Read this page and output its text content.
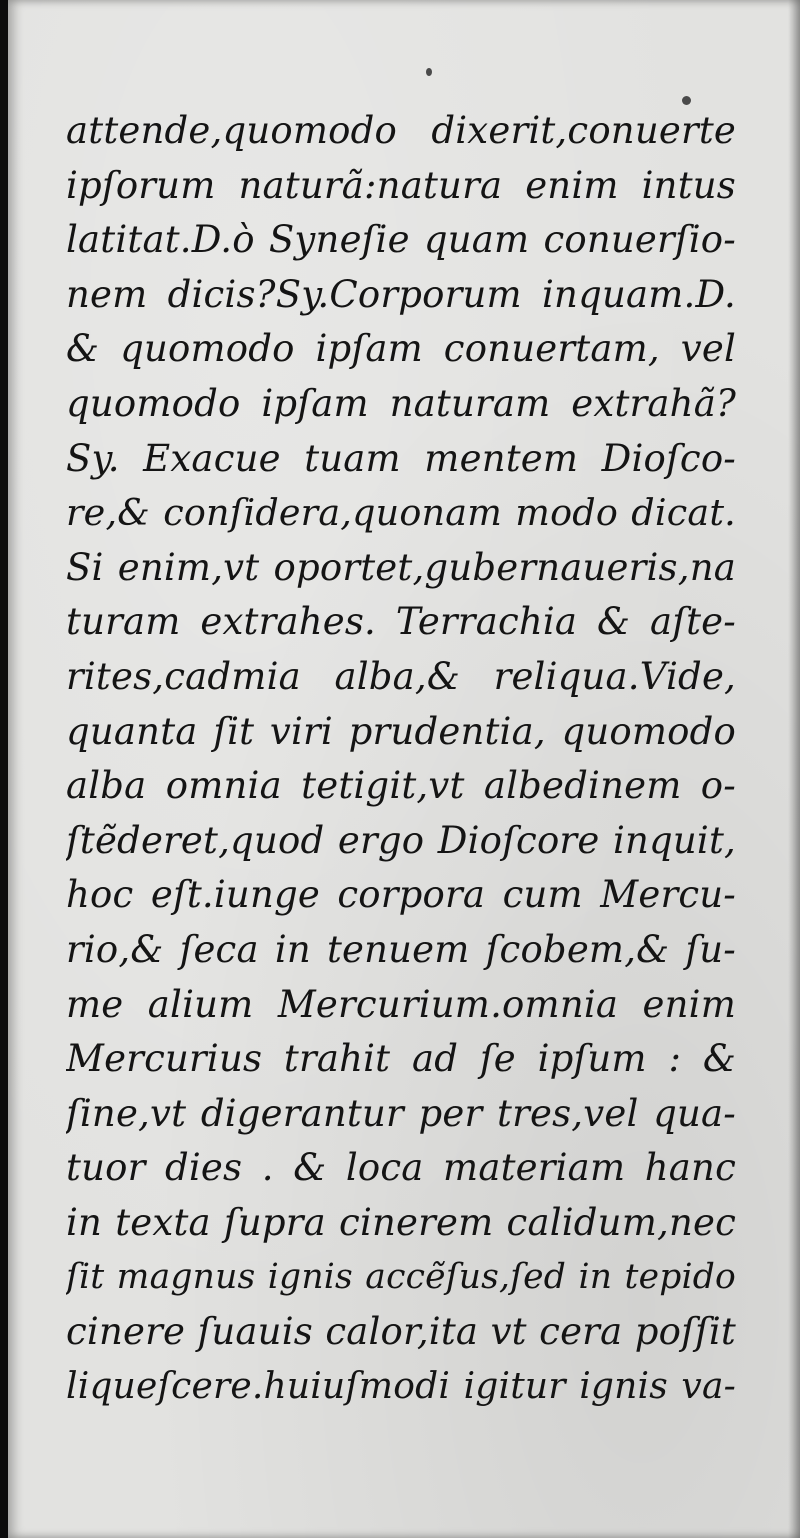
attende,quomodo dixerit,conuerte
ipſorum naturã:natura enim intus
latitat.D.ò Syneſie quam conuerſio-
nem dicis?Sy.Corporum inquam.D.
& quomodo ipſam conuertam, vel
quomodo ipſam naturam extrahã?
Sy. Exacue tuam mentem Dioſco-
re,& conſidera,quonam modo dicat.
Si enim,vt oportet,gubernaueris,na
turam extrahes. Terrachia & aſte-
rites,cadmia alba,& reliqua.Vide,
quanta ſit viri prudentia, quomodo
alba omnia tetigit,vt albedinem o-
ſtẽderet,quod ergo Dioſcore inquit,
hoc eſt.iunge corpora cum Mercu-
rio,& ſeca in tenuem ſcobem,& ſu-
me alium Mercurium.omnia enim
Mercurius trahit ad ſe ipſum : &
ſine,vt digerantur per tres,vel qua-
tuor dies . & loca materiam hanc
in texta ſupra cinerem calidum,nec
ſit magnus ignis accẽſus,ſed in tepido
cinere ſuauis calor,ita vt cera poſſit
liqueſcere.huiuſmodi igitur ignis va-
